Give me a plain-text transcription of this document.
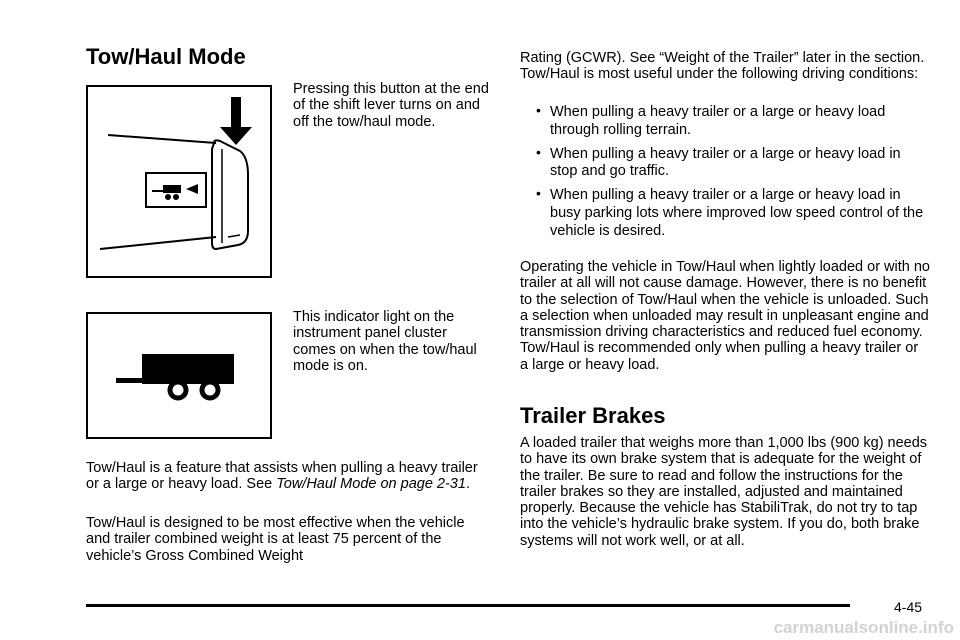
Tow/Haul Mode

Pressing this button at the end of the shift lever turns on and off the tow/haul mode.

This indicator light on the instrument panel cluster comes on when the tow/haul mode is on.

Tow/Haul is a feature that assists when pulling a heavy trailer or a large or heavy load. See Tow/Haul Mode on page 2-31.

Tow/Haul is designed to be most effective when the vehicle and trailer combined weight is at least 75 percent of the vehicle’s Gross Combined Weight

Rating (GCWR). See “Weight of the Trailer” later in the section. Tow/Haul is most useful under the following driving conditions:

• When pulling a heavy trailer or a large or heavy load through rolling terrain.
• When pulling a heavy trailer or a large or heavy load in stop and go traffic.
• When pulling a heavy trailer or a large or heavy load in busy parking lots where improved low speed control of the vehicle is desired.

Operating the vehicle in Tow/Haul when lightly loaded or with no trailer at all will not cause damage. However, there is no benefit to the selection of Tow/Haul when the vehicle is unloaded. Such a selection when unloaded may result in unpleasant engine and transmission driving characteristics and reduced fuel economy. Tow/Haul is recommended only when pulling a heavy trailer or a large or heavy load.

Trailer Brakes

A loaded trailer that weighs more than 1,000 lbs (900 kg) needs to have its own brake system that is adequate for the weight of the trailer. Be sure to read and follow the instructions for the trailer brakes so they are installed, adjusted and maintained properly. Because the vehicle has StabiliTrak, do not try to tap into the vehicle’s hydraulic brake system. If you do, both brake systems will not work well, or at all.

4-45
carmanualsonline.info
